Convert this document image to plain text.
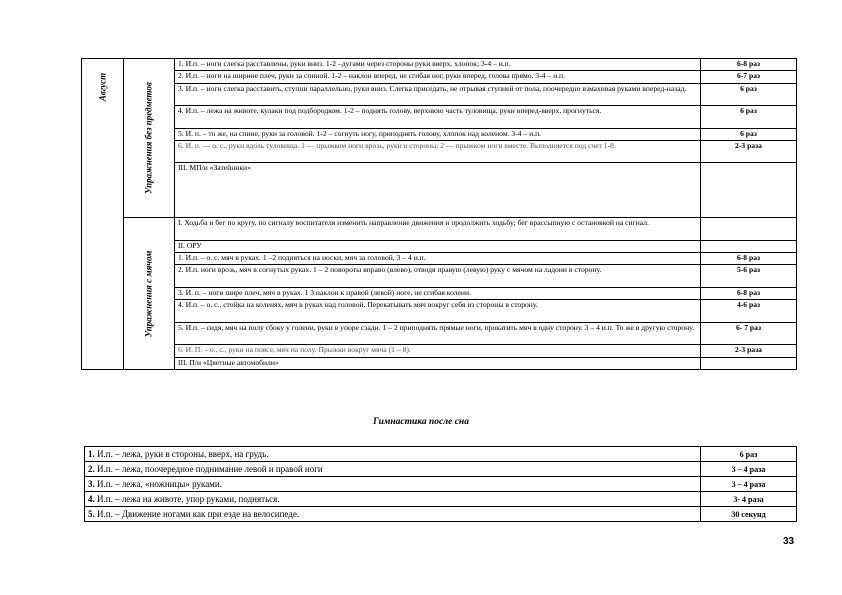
Август	Упражнения без предметов	1. И.п. – ноги слегка расставлены, руки вниз. 1-2 –дугами через стороны руки вверх, хлопок; 3-4 – и.п.	6-8 раз
		2. И.п. – ноги на ширине плеч, руки за спиной. 1-2 – наклон вперед, не сгибая ног, руки вперед, голова прямо. 3-4 – и.п.	6-7 раз
		3. И.п. – ноги слегка расставить, ступни параллельно, руки вниз. Слегка приседать, не отрывая ступней от пола, поочередно взмахивая руками вперед-назад.	6 раз
		4. И.п. – лежа на животе, кулаки под подбородком. 1-2 – поднять голову, верхнюю часть туловища, руки вперед-вверх, прогнуться.	6 раз
		5. И. п. – то же, на спине, руки за головой. 1-2 – согнуть ногу, приподнять голову, хлопок над коленом. 3-4 – и.п.	6 раз
		6. И. п. — о. с., руки вдоль туловища. 1 — прыжком ноги врозь, руки в стороны; 2 — прыжком ноги вместе. Выполняется под счет 1-8.	2-3 раза
		III. МП/и «Затейники»	

	Упражнения с мячом	I. Ходьба и бег по кругу, по сигналу воспитателя изменить направление движения и продолжить ходьбу; бег врассыпную с остановкой на сигнал.	
		II. ОРУ	
		1. И.п. – о. с. мяч в руках. 1 –2 подняться на носки, мяч за головой, 3 – 4 и.п.	6-8 раз
		2. И.п. ноги врозь, мяч в согнутых руках. 1 – 2 повороты вправо (влево), отводя правую (левую) руку с мячом на ладони в сторону.	5-6 раз
		3. И. п. – ноги шире плеч, мяч в руках. 1 3 наклон к правой (левой) ноге, не сгибая колени.	6-8 раз
		4. И.п. – о. с., стойка на коленях, мяч в руках над головой. Перекатывать мяч вокруг себя из стороны в сторону.	4-6 раз
		5. И.п. – сидя, мяч на полу сбоку у голени, руки в упоре сзади. 1 – 2 приподнять прямые ноги, прокатить мяч в одну сторону. 3 – 4 и.п. То же в другую сторону.	6- 7 раз
		6. И. П. – о., с., руки на поясе, мяч на полу. Прыжки вокруг мяча (1 – 8).	2-3 раза
		III. П/и «Цветные автомобили»	
Гимнастика после сна
1. И.п. – лежа, руки в стороны, вверх, на грудь.	6 раз
2. И.п. – лежа, поочередное поднимание левой и правой ноги	3 – 4 раза
3. И.п. – лежа, «ножницы» руками.	3 – 4 раза
4. И.п. – лежа на животе, упор руками, подняться.	3- 4 раза
5. И.п. – Движение ногами как при езде на велосипеде.	30 секунд
33
